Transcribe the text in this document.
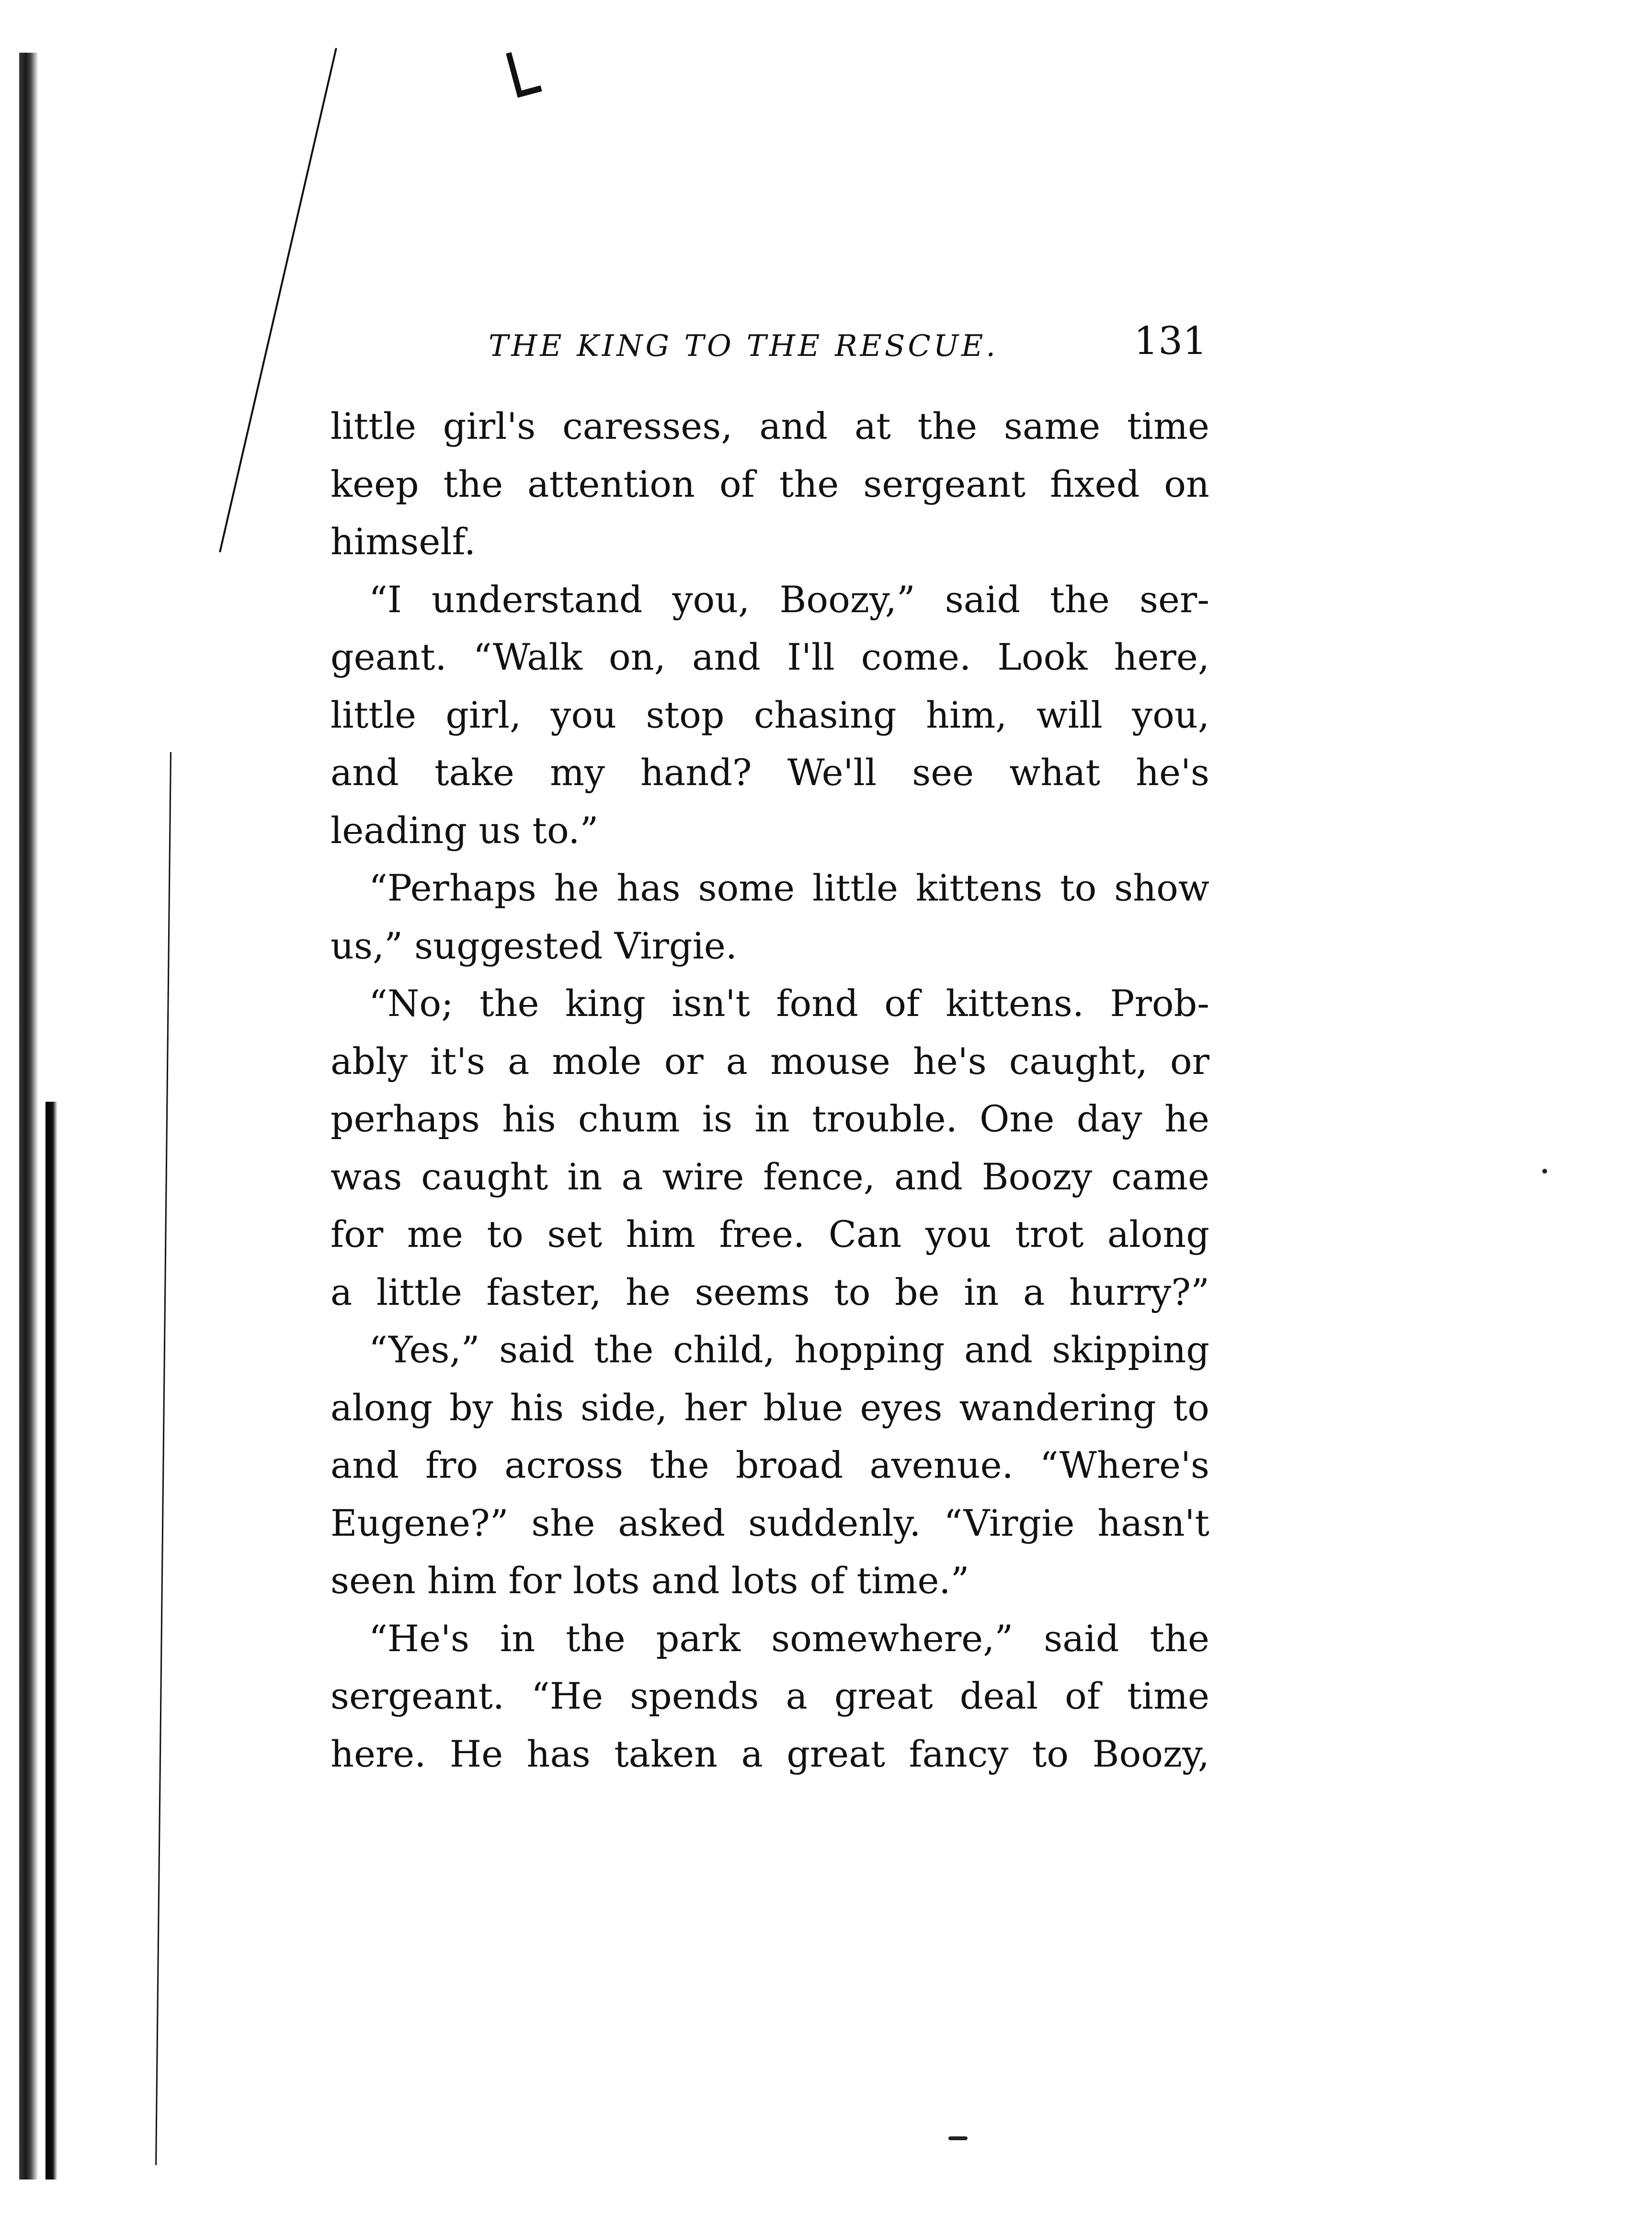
└
THE KING TO THE RESCUE.	131
little girl's caresses, and at the same time
keep the attention of the sergeant fixed on
himself.
“I understand you, Boozy,” said the ser-
geant. “Walk on, and I'll come. Look here,
little girl, you stop chasing him, will you,
and take my hand? We'll see what he's
leading us to.”
“Perhaps he has some little kittens to show
us,” suggested Virgie.
“No; the king isn't fond of kittens. Prob-
ably it's a mole or a mouse he's caught, or
perhaps his chum is in trouble. One day he
was caught in a wire fence, and Boozy came
for me to set him free. Can you trot along
a little faster, he seems to be in a hurry?”
“Yes,” said the child, hopping and skipping
along by his side, her blue eyes wandering to
and fro across the broad avenue. “Where's
Eugene?” she asked suddenly. “Virgie hasn't
seen him for lots and lots of time.”
“He's in the park somewhere,” said the
sergeant. “He spends a great deal of time
here. He has taken a great fancy to Boozy,
